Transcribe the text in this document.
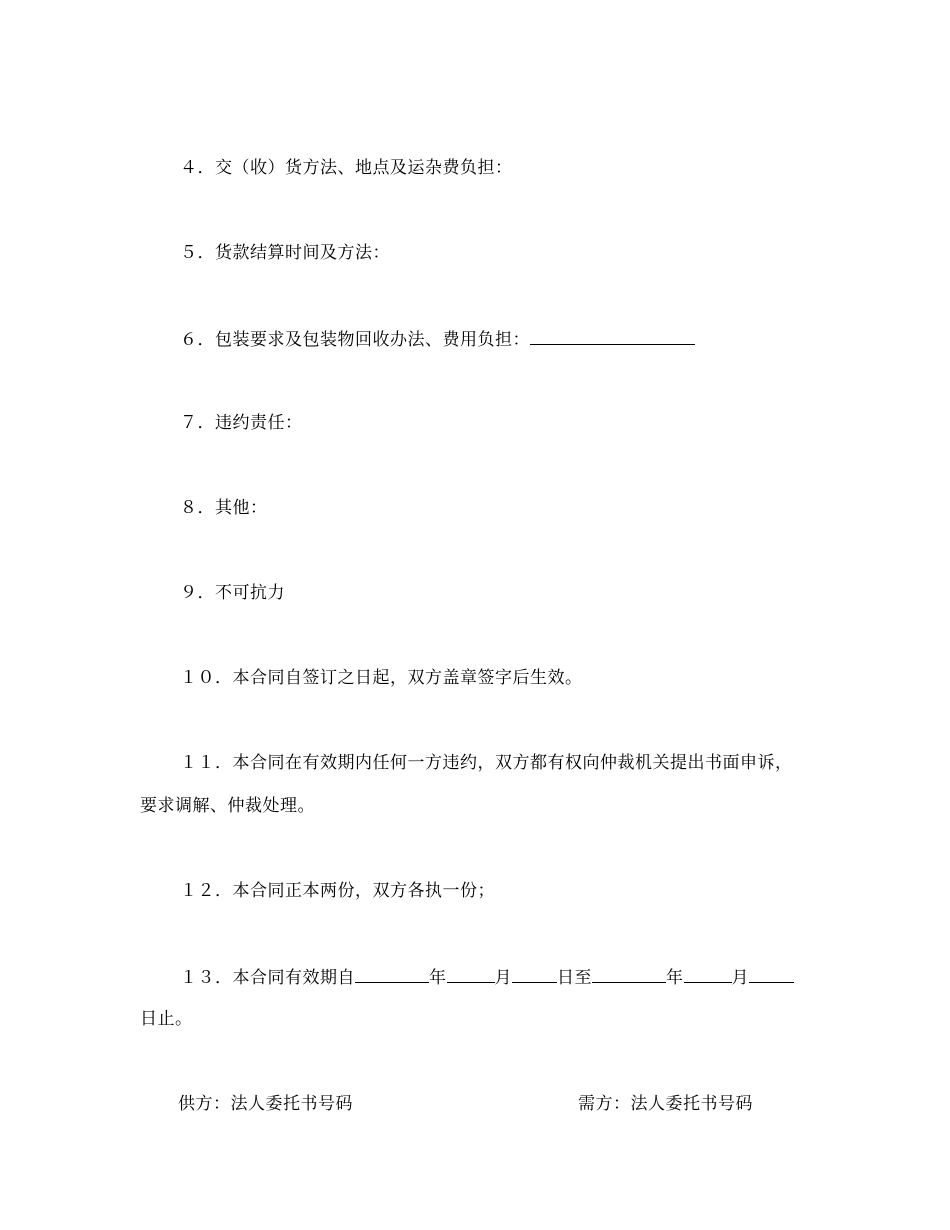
４．交（收）货方法、地点及运杂费负担：
５．货款结算时间及方法：
６．包装要求及包装物回收办法、费用负担：
７．违约责任：
８．其他：
９．不可抗力
１０．本合同自签订之日起，双方盖章签字后生效。
１１．本合同在有效期内任何一方违约，双方都有权向仲裁机关提出书面申诉，
要求调解、仲裁处理。
１２．本合同正本两份，双方各执一份；
１３．本合同有效期自	年	月	日至	年	月
日止。
供方：法人委托书号码	需方：法人委托书号码
